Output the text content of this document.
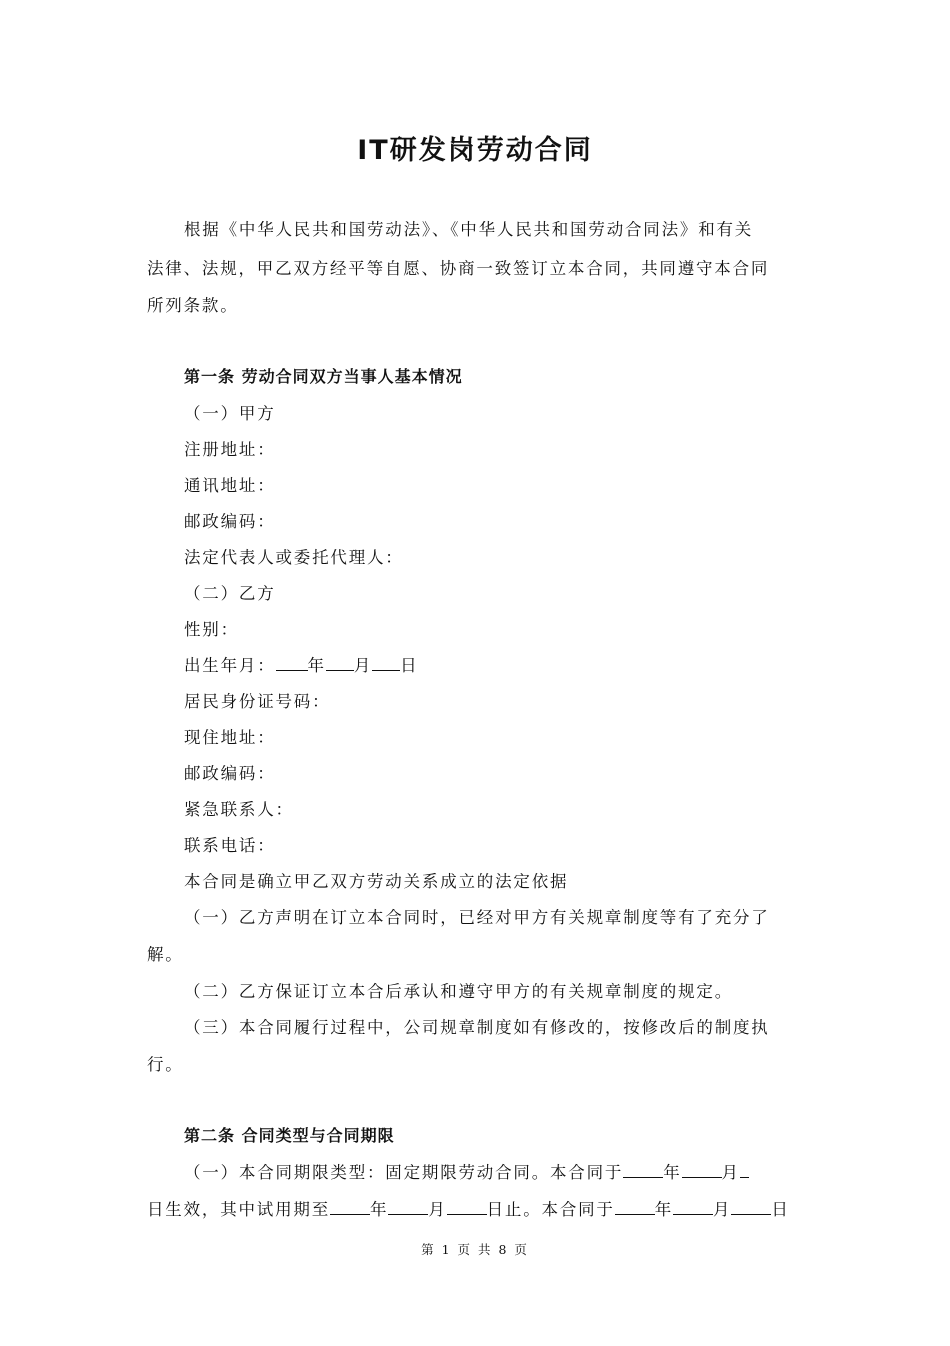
IT研发岗劳动合同
根据《中华人民共和国劳动法》、《中华人民共和国劳动合同法》和有关
法律、法规，甲乙双方经平等自愿、协商一致签订立本合同，共同遵守本合同
所列条款。
第一条 劳动合同双方当事人基本情况
（一）甲方
注册地址：
通讯地址：
邮政编码：
法定代表人或委托代理人：
（二）乙方
性别：
出生年月： 年 月 日
居民身份证号码：
现住地址：
邮政编码：
紧急联系人：
联系电话：
本合同是确立甲乙双方劳动关系成立的法定依据
（一）乙方声明在订立本合同时，已经对甲方有关规章制度等有了充分了
解。
（二）乙方保证订立本合后承认和遵守甲方的有关规章制度的规定。
（三）本合同履行过程中，公司规章制度如有修改的，按修改后的制度执
行。
第二条 合同类型与合同期限
（一）本合同期限类型：固定期限劳动合同。本合同于 年 月
日生效，其中试用期至 年 月 日止。本合同于 年 月 日
第 1 页 共 8 页
